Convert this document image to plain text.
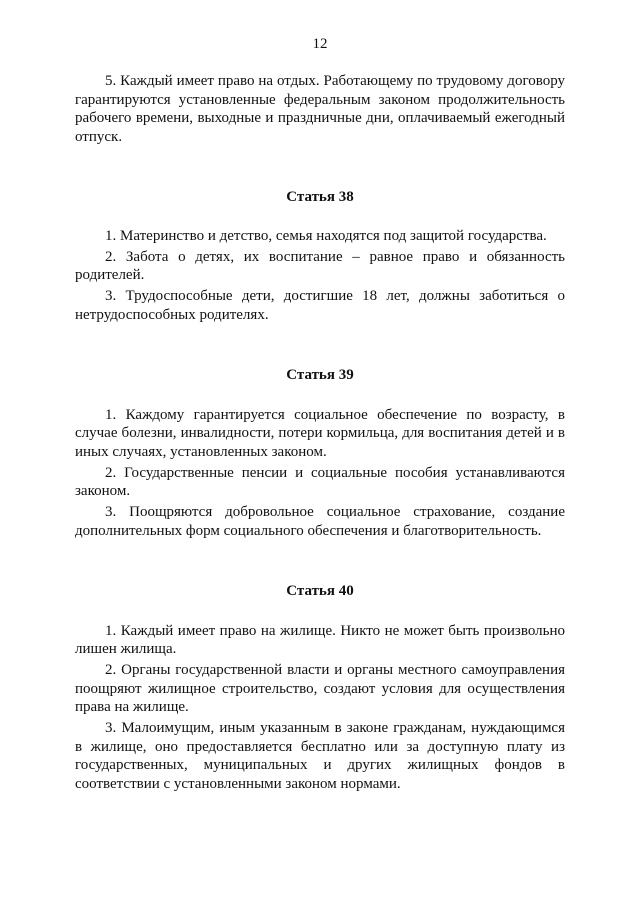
12

5. Каждый имеет право на отдых. Работающему по трудовому договору гарантируются установленные федеральным законом продолжительность рабочего времени, выходные и праздничные дни, оплачиваемый ежегодный отпуск.

Статья 38

1. Материнство и детство, семья находятся под защитой государства.

2. Забота о детях, их воспитание – равное право и обязанность родителей.

3. Трудоспособные дети, достигшие 18 лет, должны заботиться о нетрудоспособных родителях.

Статья 39

1. Каждому гарантируется социальное обеспечение по возрасту, в случае болезни, инвалидности, потери кормильца, для воспитания детей и в иных случаях, установленных законом.

2. Государственные пенсии и социальные пособия устанавливаются законом.

3. Поощряются добровольное социальное страхование, создание дополнительных форм социального обеспечения и благотворительность.

Статья 40

1. Каждый имеет право на жилище. Никто не может быть произвольно лишен жилища.

2. Органы государственной власти и органы местного самоуправления поощряют жилищное строительство, создают условия для осуществления права на жилище.

3. Малоимущим, иным указанным в законе гражданам, нуждающимся в жилище, оно предоставляется бесплатно или за доступную плату из государственных, муниципальных и других жилищных фондов в соответствии с установленными законом нормами.
